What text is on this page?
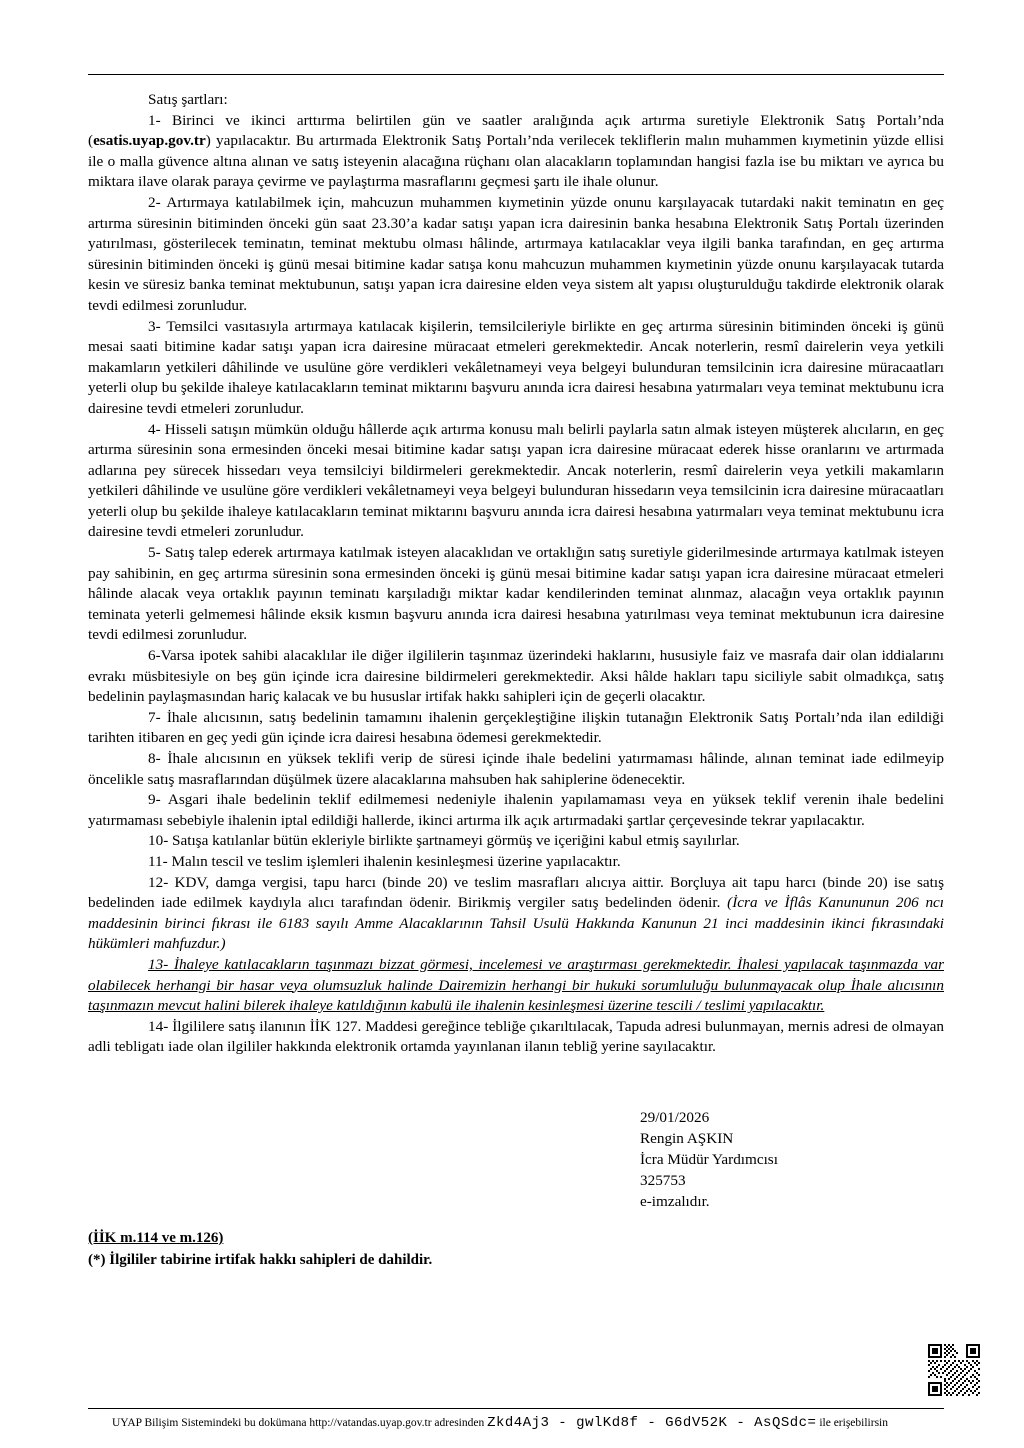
Satış şartları:

1- Birinci ve ikinci arttırma belirtilen gün ve saatler aralığında açık artırma suretiyle Elektronik Satış Portalı’nda (esatis.uyap.gov.tr) yapılacaktır. Bu artırmada Elektronik Satış Portalı’nda verilecek tekliflerin malın muhammen kıymetinin yüzde ellisi ile o malla güvence altına alınan ve satış isteyenin alacağına rüçhanı olan alacakların toplamından hangisi fazla ise bu miktarı ve ayrıca bu miktara ilave olarak paraya çevirme ve paylaştırma masraflarını geçmesi şartı ile ihale olunur.

2- Artırmaya katılabilmek için, mahcuzun muhammen kıymetinin yüzde onunu karşılayacak tutardaki nakit teminatın en geç artırma süresinin bitiminden önceki gün saat 23.30’a kadar satışı yapan icra dairesinin banka hesabına Elektronik Satış Portalı üzerinden yatırılması, gösterilecek teminatın, teminat mektubu olması hâlinde, artırmaya katılacaklar veya ilgili banka tarafından, en geç artırma süresinin bitiminden önceki iş günü mesai bitimine kadar satışa konu mahcuzun muhammen kıymetinin yüzde onunu karşılayacak tutarda kesin ve süresiz banka teminat mektubunun, satışı yapan icra dairesine elden veya sistem alt yapısı oluşturulduğu takdirde elektronik olarak tevdi edilmesi zorunludur.

3- Temsilci vasıtasıyla artırmaya katılacak kişilerin, temsilcileriyle birlikte en geç artırma süresinin bitiminden önceki iş günü mesai saati bitimine kadar satışı yapan icra dairesine müracaat etmeleri gerekmektedir. Ancak noterlerin, resmî dairelerin veya yetkili makamların yetkileri dâhilinde ve usulüne göre verdikleri vekâletnameyi veya belgeyi bulunduran temsilcinin icra dairesine müracaatları yeterli olup bu şekilde ihaleye katılacakların teminat miktarını başvuru anında icra dairesi hesabına yatırmaları veya teminat mektubunu icra dairesine tevdi etmeleri zorunludur.

4- Hisseli satışın mümkün olduğu hâllerde açık artırma konusu malı belirli paylarla satın almak isteyen müşterek alıcıların, en geç artırma süresinin sona ermesinden önceki mesai bitimine kadar satışı yapan icra dairesine müracaat ederek hisse oranlarını ve artırmada adlarına pey sürecek hissedarı veya temsilciyi bildirmeleri gerekmektedir. Ancak noterlerin, resmî dairelerin veya yetkili makamların yetkileri dâhilinde ve usulüne göre verdikleri vekâletnameyi veya belgeyi bulunduran hissedarın veya temsilcinin icra dairesine müracaatları yeterli olup bu şekilde ihaleye katılacakların teminat miktarını başvuru anında icra dairesi hesabına yatırmaları veya teminat mektubunu icra dairesine tevdi etmeleri zorunludur.

5- Satış talep ederek artırmaya katılmak isteyen alacaklıdan ve ortaklığın satış suretiyle giderilmesinde artırmaya katılmak isteyen pay sahibinin, en geç artırma süresinin sona ermesinden önceki iş günü mesai bitimine kadar satışı yapan icra dairesine müracaat etmeleri hâlinde alacak veya ortaklık payının teminatı karşıladığı miktar kadar kendilerinden teminat alınmaz, alacağın veya ortaklık payının teminata yeterli gelmemesi hâlinde eksik kısmın başvuru anında icra dairesi hesabına yatırılması veya teminat mektubunun icra dairesine tevdi edilmesi zorunludur.

6-Varsa ipotek sahibi alacaklılar ile diğer ilgililerin taşınmaz üzerindeki haklarını, hususiyle faiz ve masrafa dair olan iddialarını evrakı müsbitesiyle on beş gün içinde icra dairesine bildirmeleri gerekmektedir. Aksi hâlde hakları tapu siciliyle sabit olmadıkça, satış bedelinin paylaşmasından hariç kalacak ve bu hususlar irtifak hakkı sahipleri için de geçerli olacaktır.

7- İhale alıcısının, satış bedelinin tamamını ihalenin gerçekleştiğine ilişkin tutanağın Elektronik Satış Portalı’nda ilan edildiği tarihten itibaren en geç yedi gün içinde icra dairesi hesabına ödemesi gerekmektedir.

8- İhale alıcısının en yüksek teklifi verip de süresi içinde ihale bedelini yatırmaması hâlinde, alınan teminat iade edilmeyip öncelikle satış masraflarından düşülmek üzere alacaklarına mahsuben hak sahiplerine ödenecektir.

9- Asgari ihale bedelinin teklif edilmemesi nedeniyle ihalenin yapılamaması veya en yüksek teklif verenin ihale bedelini yatırmaması sebebiyle ihalenin iptal edildiği hallerde, ikinci artırma ilk açık artırmadaki şartlar çerçevesinde tekrar yapılacaktır.

10- Satışa katılanlar bütün ekleriyle birlikte şartnameyi görmüş ve içeriğini kabul etmiş sayılırlar.

11- Malın tescil ve teslim işlemleri ihalenin kesinleşmesi üzerine yapılacaktır.

12- KDV, damga vergisi, tapu harcı (binde 20) ve teslim masrafları alıcıya aittir. Borçluya ait tapu harcı (binde 20) ise satış bedelinden iade edilmek kaydıyla alıcı tarafından ödenir. Birikmiş vergiler satış bedelinden ödenir. (İcra ve İflâs Kanununun 206 ncı maddesinin birinci fıkrası ile 6183 sayılı Amme Alacaklarının Tahsil Usulü Hakkında Kanunun 21 inci maddesinin ikinci fıkrasındaki hükümleri mahfuzdur.)

13- İhaleye katılacakların taşınmazı bizzat görmesi, incelemesi ve araştırması gerekmektedir. İhalesi yapılacak taşınmazda var olabilecek herhangi bir hasar veya olumsuzluk halinde Dairemizin herhangi bir hukuki sorumluluğu bulunmayacak olup İhale alıcısının taşınmazın mevcut halini bilerek ihaleye katıldığının kabulü ile ihalenin kesinleşmesi üzerine tescili / teslimi yapılacaktır.

14- İlgililere satış ilanının İİK 127. Maddesi gereğince tebliğe çıkarıltılacak, Tapuda adresi bulunmayan, mernis adresi de olmayan adli tebligatı iade olan ilgililer hakkında elektronik ortamda yayınlanan ilanın tebliğ yerine sayılacaktır.

29/01/2026
Rengin AŞKIN
İcra Müdür Yardımcısı
325753
e-imzalıdır.
(İİK m.114 ve m.126)
(*) İlgililer tabirine irtifak hakkı sahipleri de dahildir.
UYAP Bilişim Sistemindeki bu dokümana http://vatandas.uyap.gov.tr adresinden Zkd4Aj3 - gwlKd8f - G6dV52K - AsQSdc= ile erişebilirsin
